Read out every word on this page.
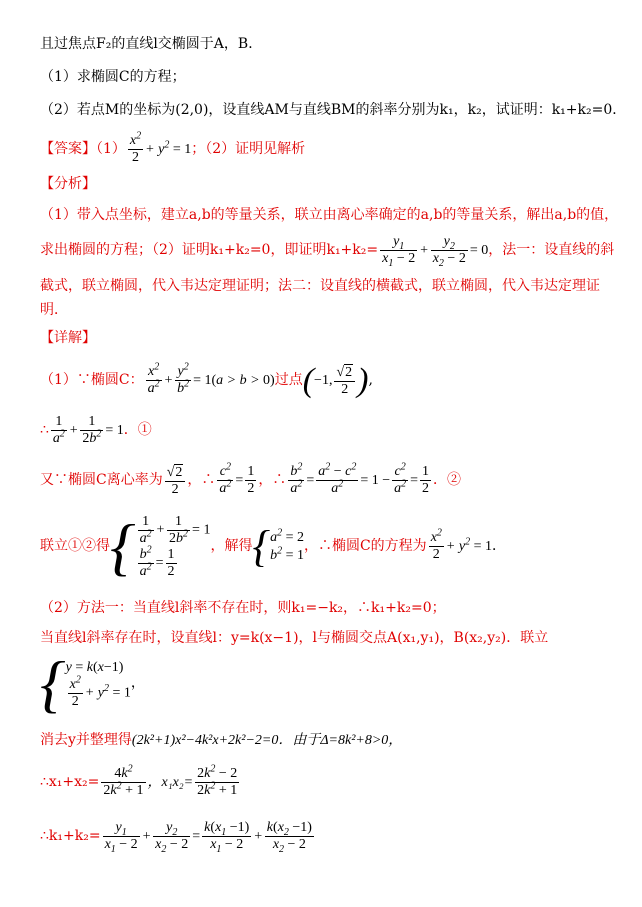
且过焦点F₂的直线l交椭圆于A，B．
（1）求椭圆C的方程；
（2）若点M的坐标为(2,0)，设直线AM与直线BM的斜率分别为k₁，k₂，试证明：k₁+k₂=0．
【答案】$(1) \frac{x^2}{2} + y^2 = 1$；（2）证明见解析
【分析】
（1）带入点坐标，建立a,b的等量关系，联立由离心率确定的a,b的等量关系，解出a,b的值，
求出椭圆的方程；（2）证明k₁+k₂=0，即证明$k_1+k_2= \frac{y_1}{x_1 - 2} + \frac{y_2}{x_2 - 2} = 0$，法一：设直线的斜
截式，联立椭圆，代入韦达定理证明；法二：设直线的横截式，联立椭圆，代入韦达定理证
明．
【详解】
（1）∵椭圆C： $\frac{x^2}{a^2} + \frac{y^2}{b^2} = 1(a > b > 0)$过点(−1, $\frac{√2}{2}$ ),
∴ $\frac{1}{a^2} + \frac{1}{2b^2} = 1$．①
又∵椭圆C离心率为 $\frac{√2}{2}$ ，∴ $\frac{c^2}{a^2} = \frac{1}{2}$ ，∴ $\frac{b^2}{a^2} = \frac{a^2 - c^2}{a^2} = 1 - \frac{c^2}{a^2} = \frac{1}{2}$ ．②
联立①②得{ $\frac{1}{a^2} + \frac{1}{2b^2} = 1$
$\frac{b^2}{a^2} = \frac{1}{2}$
，解得{ $a^2 = 2$
$b^2 = 1$
，∴椭圆C的方程为 $\frac{x^2}{2} + y^2 = 1$．
（2）方法一：当直线l斜率不存在时，则k₁=−k₂，∴k₁+k₂=0；
当直线l斜率存在时，设直线l：y=k(x−1)，l与椭圆交点A(x₁,y₁)，B(x₂,y₂)．联立
{ y = k(x−1)
$\frac{x^2}{2} + y^2 = 1$
，
消去y并整理得(2k²+1)x²−4k²x+2k²−2=0．由于Δ=8k²+8>0，
∴x₁+x₂= $\frac{4k^2}{2k^2 + 1}$ ，$x_1x_2= \frac{2k^2 - 2}{2k^2 + 1}$
∴k₁+k₂= $\frac{y_1}{x_1 - 2} + \frac{y_2}{x_2 - 2} = \frac{k(x_1 -1)}{x_1 - 2} + \frac{k(x_2 -1)}{x_2 - 2}$
